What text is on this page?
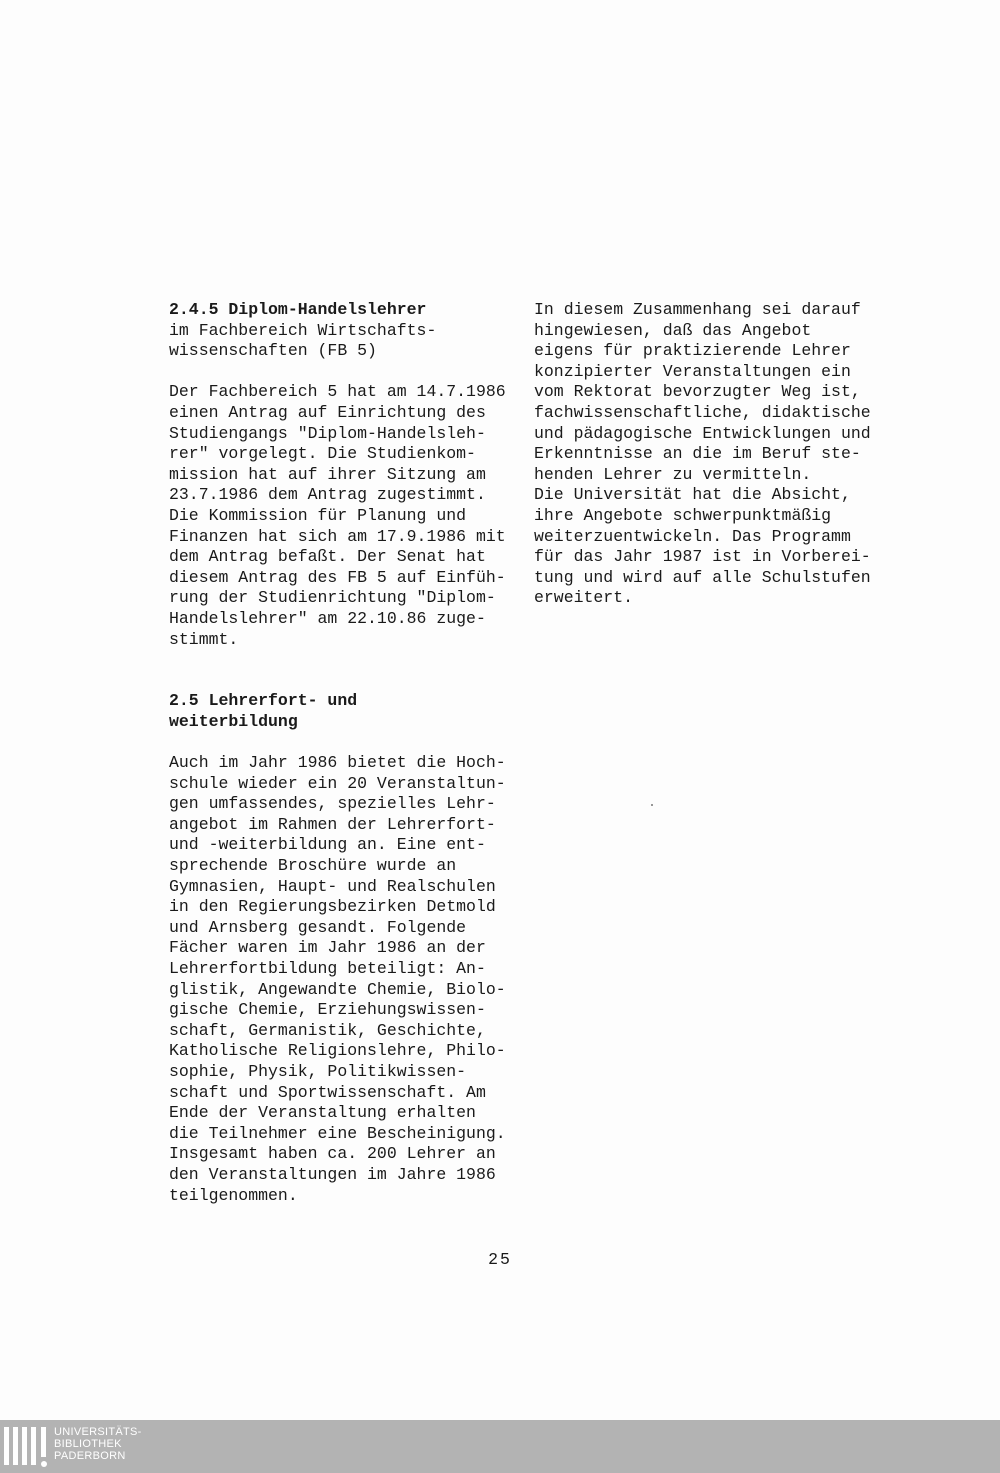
2.4.5 Diplom-Handelslehrer
im Fachbereich Wirtschafts-
wissenschaften (FB 5)
Der Fachbereich 5 hat am 14.7.1986
einen Antrag auf Einrichtung des
Studiengangs "Diplom-Handelsleh-
rer" vorgelegt. Die Studienkom-
mission hat auf ihrer Sitzung am
23.7.1986 dem Antrag zugestimmt.
Die Kommission für Planung und
Finanzen hat sich am 17.9.1986 mit
dem Antrag befaßt. Der Senat hat
diesem Antrag des FB 5 auf Einfüh-
rung der Studienrichtung "Diplom-
Handelslehrer" am 22.10.86 zuge-
stimmt.
2.5 Lehrerfort- und
weiterbildung
Auch im Jahr 1986 bietet die Hoch-
schule wieder ein 20 Veranstaltun-
gen umfassendes, spezielles Lehr-
angebot im Rahmen der Lehrerfort-
und -weiterbildung an. Eine ent-
sprechende Broschüre wurde an
Gymnasien, Haupt- und Realschulen
in den Regierungsbezirken Detmold
und Arnsberg gesandt. Folgende
Fächer waren im Jahr 1986 an der
Lehrerfortbildung beteiligt: An-
glistik, Angewandte Chemie, Biolo-
gische Chemie, Erziehungswissen-
schaft, Germanistik, Geschichte,
Katholische Religionslehre, Philo-
sophie, Physik, Politikwissen-
schaft und Sportwissenschaft. Am
Ende der Veranstaltung erhalten
die Teilnehmer eine Bescheinigung.
Insgesamt haben ca. 200 Lehrer an
den Veranstaltungen im Jahre 1986
teilgenommen.
In diesem Zusammenhang sei darauf
hingewiesen, daß das Angebot
eigens für praktizierende Lehrer
konzipierter Veranstaltungen ein
vom Rektorat bevorzugter Weg ist,
fachwissenschaftliche, didaktische
und pädagogische Entwicklungen und
Erkenntnisse an die im Beruf ste-
henden Lehrer zu vermitteln.
Die Universität hat die Absicht,
ihre Angebote schwerpunktmäßig
weiterzuentwickeln. Das Programm
für das Jahr 1987 ist in Vorberei-
tung und wird auf alle Schulstufen
erweitert.
25
UNIVERSITÄTS-
BIBLIOTHEK
PADERBORN
